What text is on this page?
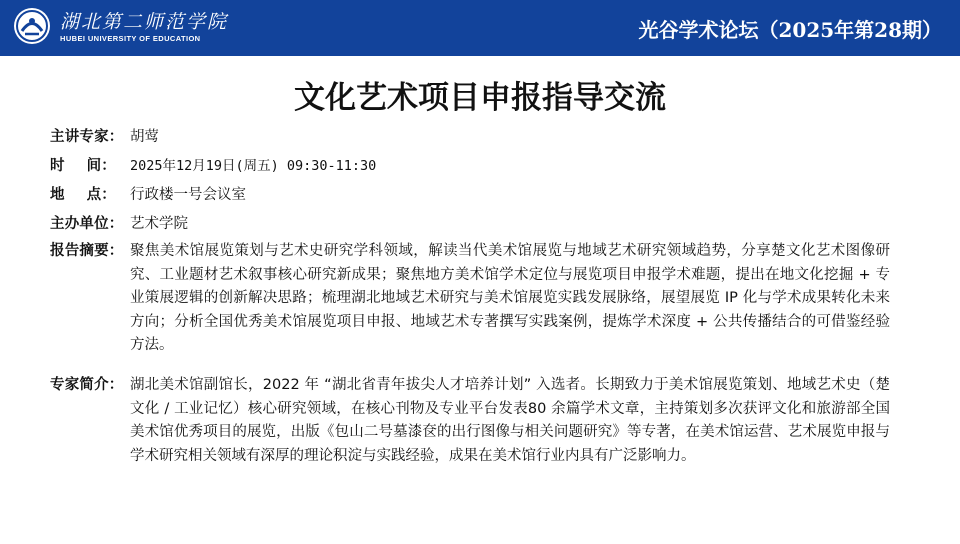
湖北第二师范学院
HUBEI UNIVERSITY OF EDUCATION	光谷学术论坛（2025年第28期）
文化艺术项目申报指导交流
主讲专家： 胡莺
时 间： 2025年12月19日(周五) 09:30-11:30
地 点： 行政楼一号会议室
主办单位： 艺术学院
报告摘要： 聚焦美术馆展览策划与艺术史研究学科领域，解读当代美术馆展览与地域艺术研究领域趋势，分享楚文化艺术图像研究、工业题材艺术叙事核心研究新成果；聚焦地方美术馆学术定位与展览项目申报学术难题，提出在地文化挖掘 + 专业策展逻辑的创新解决思路；梳理湖北地域艺术研究与美术馆展览实践发展脉络，展望展览 IP 化与学术成果转化未来方向；分析全国优秀美术馆展览项目申报、地域艺术专著撰写实践案例，提炼学术深度 + 公共传播结合的可借鉴经验方法。
专家简介： 湖北美术馆副馆长，2022 年 “湖北省青年拔尖人才培养计划” 入选者。长期致力于美术馆展览策划、地域艺术史（楚文化 / 工业记忆）核心研究领域，在核心刊物及专业平台发表80 余篇学术文章，主持策划多次获评文化和旅游部全国美术馆优秀项目的展览，出版《包山二号墓漆奁的出行图像与相关问题研究》等专著，在美术馆运营、艺术展览申报与学术研究相关领域有深厚的理论积淀与实践经验，成果在美术馆行业内具有广泛影响力。
